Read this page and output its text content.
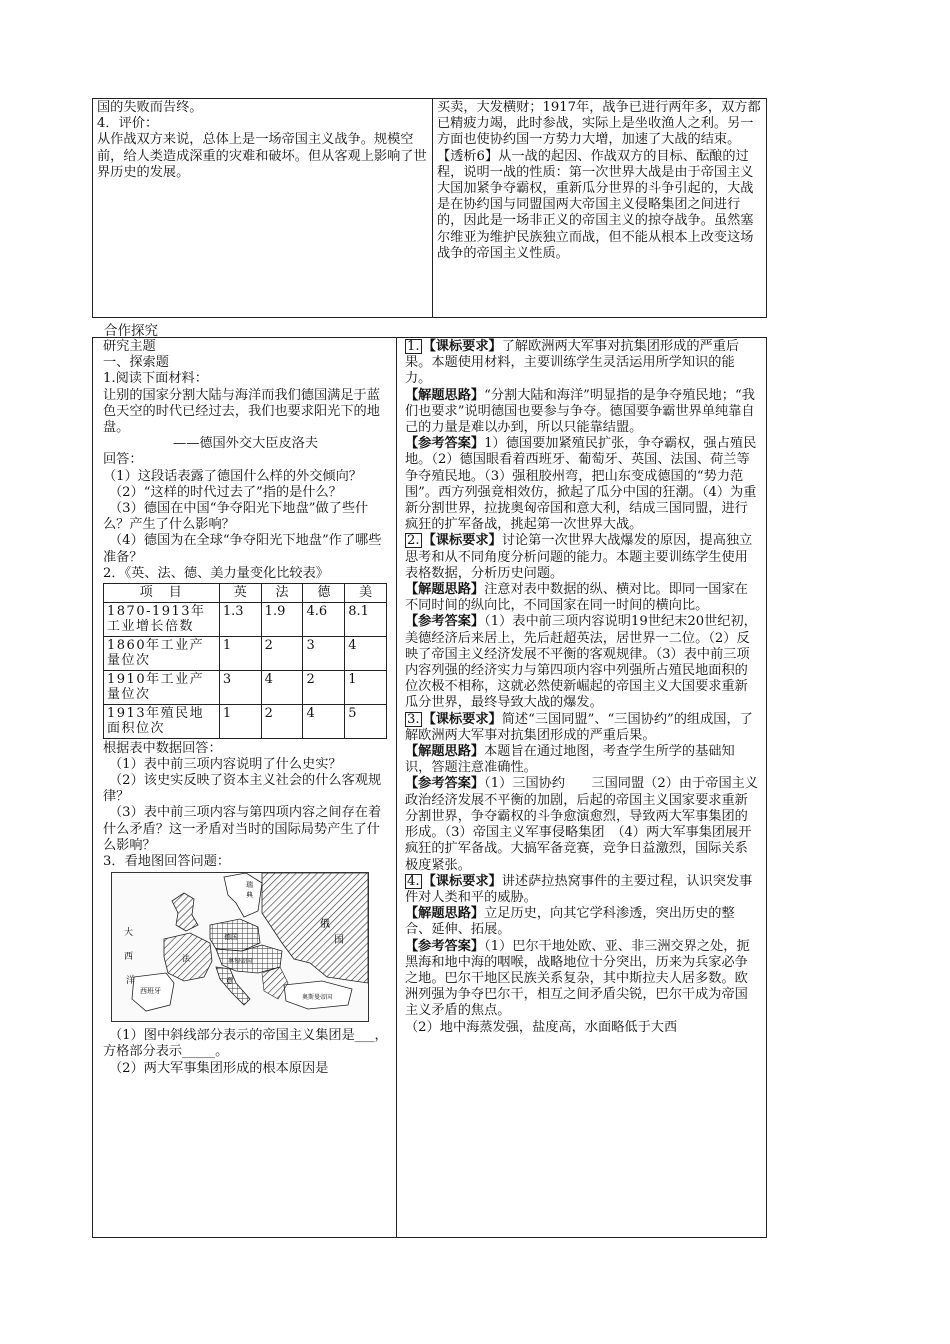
国的失败而告终。

4．评价：

从作战双方来说，总体上是一场帝国主义战争。规模空前，给人类造成深重的灾难和破坏。但从客观上影响了世界历史的发展。

买卖，大发横财；1917年，战争已进行两年多，双方都已精疲力竭，此时参战，实际上是坐收渔人之利。另一方面也使协约国一方势力大增，加速了大战的结束。

【透析6】从一战的起因、作战双方的目标、酝酿的过程，说明一战的性质：第一次世界大战是由于帝国主义大国加紧争夺霸权，重新瓜分世界的斗争引起的，大战是在协约国与同盟国两大帝国主义侵略集团之间进行的，因此是一场非正义的帝国主义的掠夺战争。虽然塞尔维亚为维护民族独立而战，但不能从根本上改变这场战争的帝国主义性质。

合作探究

研究主题

一、探索题

1.阅读下面材料：

让别的国家分割大陆与海洋而我们德国满足于蓝色天空的时代已经过去，我们也要求阳光下的地盘。

——德国外交大臣皮洛夫

回答：

（1）这段话表露了德国什么样的外交倾向？

（2）“这样的时代过去了”指的是什么？

（3）德国在中国“争夺阳光下地盘”做了些什么？产生了什么影响？

（4）德国为在全球“争夺阳光下地盘”作了哪些准备？

2．《英、法、德、美力量变化比较表》

项　目	英	法	德	美
1870-1913年工业增长倍数	1.3	1.9	4.6	8.1
1860年工业产量位次	1	2	3	4
1910年工业产量位次	3	4	2	1
1913年殖民地面积位次	1	2	4	5

根据表中数据回答：

（1）表中前三项内容说明了什么史实？

（2）该史实反映了资本主义社会的什么客观规律？

（3）表中前三项内容与第四项内容之间存在着什么矛盾？这一矛盾对当时的国际局势产生了什么影响？

3．看地图回答问题：

大
西
洋
瑞
典
俄
国
西班牙
法
意
奥匈帝国
德国
奥斯曼帝国

（1）图中斜线部分表示的帝国主义集团是___，方格部分表示_____。

（2）两大军事集团形成的根本原因是

1. 【课标要求】了解欧洲两大军事对抗集团形成的严重后果。本题使用材料，主要训练学生灵活运用所学知识的能力。

【解题思路】“分割大陆和海洋”明显指的是争夺殖民地；“我们也要求”说明德国也要参与争夺。德国要争霸世界单纯靠自己的力量是难以办到，所以只能靠结盟。

【参考答案】1）德国要加紧殖民扩张，争夺霸权，强占殖民地。（2）德国眼看着西班牙、葡萄牙、英国、法国、荷兰等争夺殖民地。（3）强租胶州弯，把山东变成德国的“势力范围”。西方列强竟相效仿，掀起了瓜分中国的狂潮。（4）为重新分割世界，拉拢奥匈帝国和意大利，结成三国同盟，进行疯狂的扩军备战，挑起第一次世界大战。

2. 【课标要求】讨论第一次世界大战爆发的原因，提高独立思考和从不同角度分析问题的能力。本题主要训练学生使用表格数据，分析历史问题。

【解题思路】注意对表中数据的纵、横对比。即同一国家在不同时间的纵向比，不同国家在同一时间的横向比。

【参考答案】（1）表中前三项内容说明19世纪末20世纪初，美德经济后来居上，先后赶超英法，居世界一二位。（2）反映了帝国主义经济发展不平衡的客观规律。（3）表中前三项内容列强的经济实力与第四项内容中列强所占殖民地面积的位次极不相称，这就必然使新崛起的帝国主义大国要求重新瓜分世界，最终导致大战的爆发。

3. 【课标要求】简述“三国同盟”、“三国协约”的组成国，了解欧洲两大军事对抗集团形成的严重后果。

【解题思路】本题旨在通过地图，考查学生所学的基础知识，答题注意准确性。

【参考答案】（1）三国协约　　三国同盟（2）由于帝国主义政治经济发展不平衡的加剧，后起的帝国主义国家要求重新分割世界，争夺霸权的斗争愈演愈烈，导致两大军事集团的形成。（3）帝国主义军事侵略集团　（4）两大军事集团展开疯狂的扩军备战。大搞军备竞赛，竞争日益激烈，国际关系极度紧张。

4. 【课标要求】讲述萨拉热窝事件的主要过程，认识突发事件对人类和平的威胁。

【解题思路】立足历史，向其它学科渗透，突出历史的整合、延伸、拓展。

【参考答案】（1）巴尔干地处欧、亚、非三洲交界之处，扼黑海和地中海的咽喉，战略地位十分突出，历来为兵家必争之地。巴尔干地区民族关系复杂，其中斯拉夫人居多数。欧洲列强为争夺巴尔干，相互之间矛盾尖锐，巴尔干成为帝国主义矛盾的焦点。

（2）地中海蒸发强，盐度高，水面略低于大西
